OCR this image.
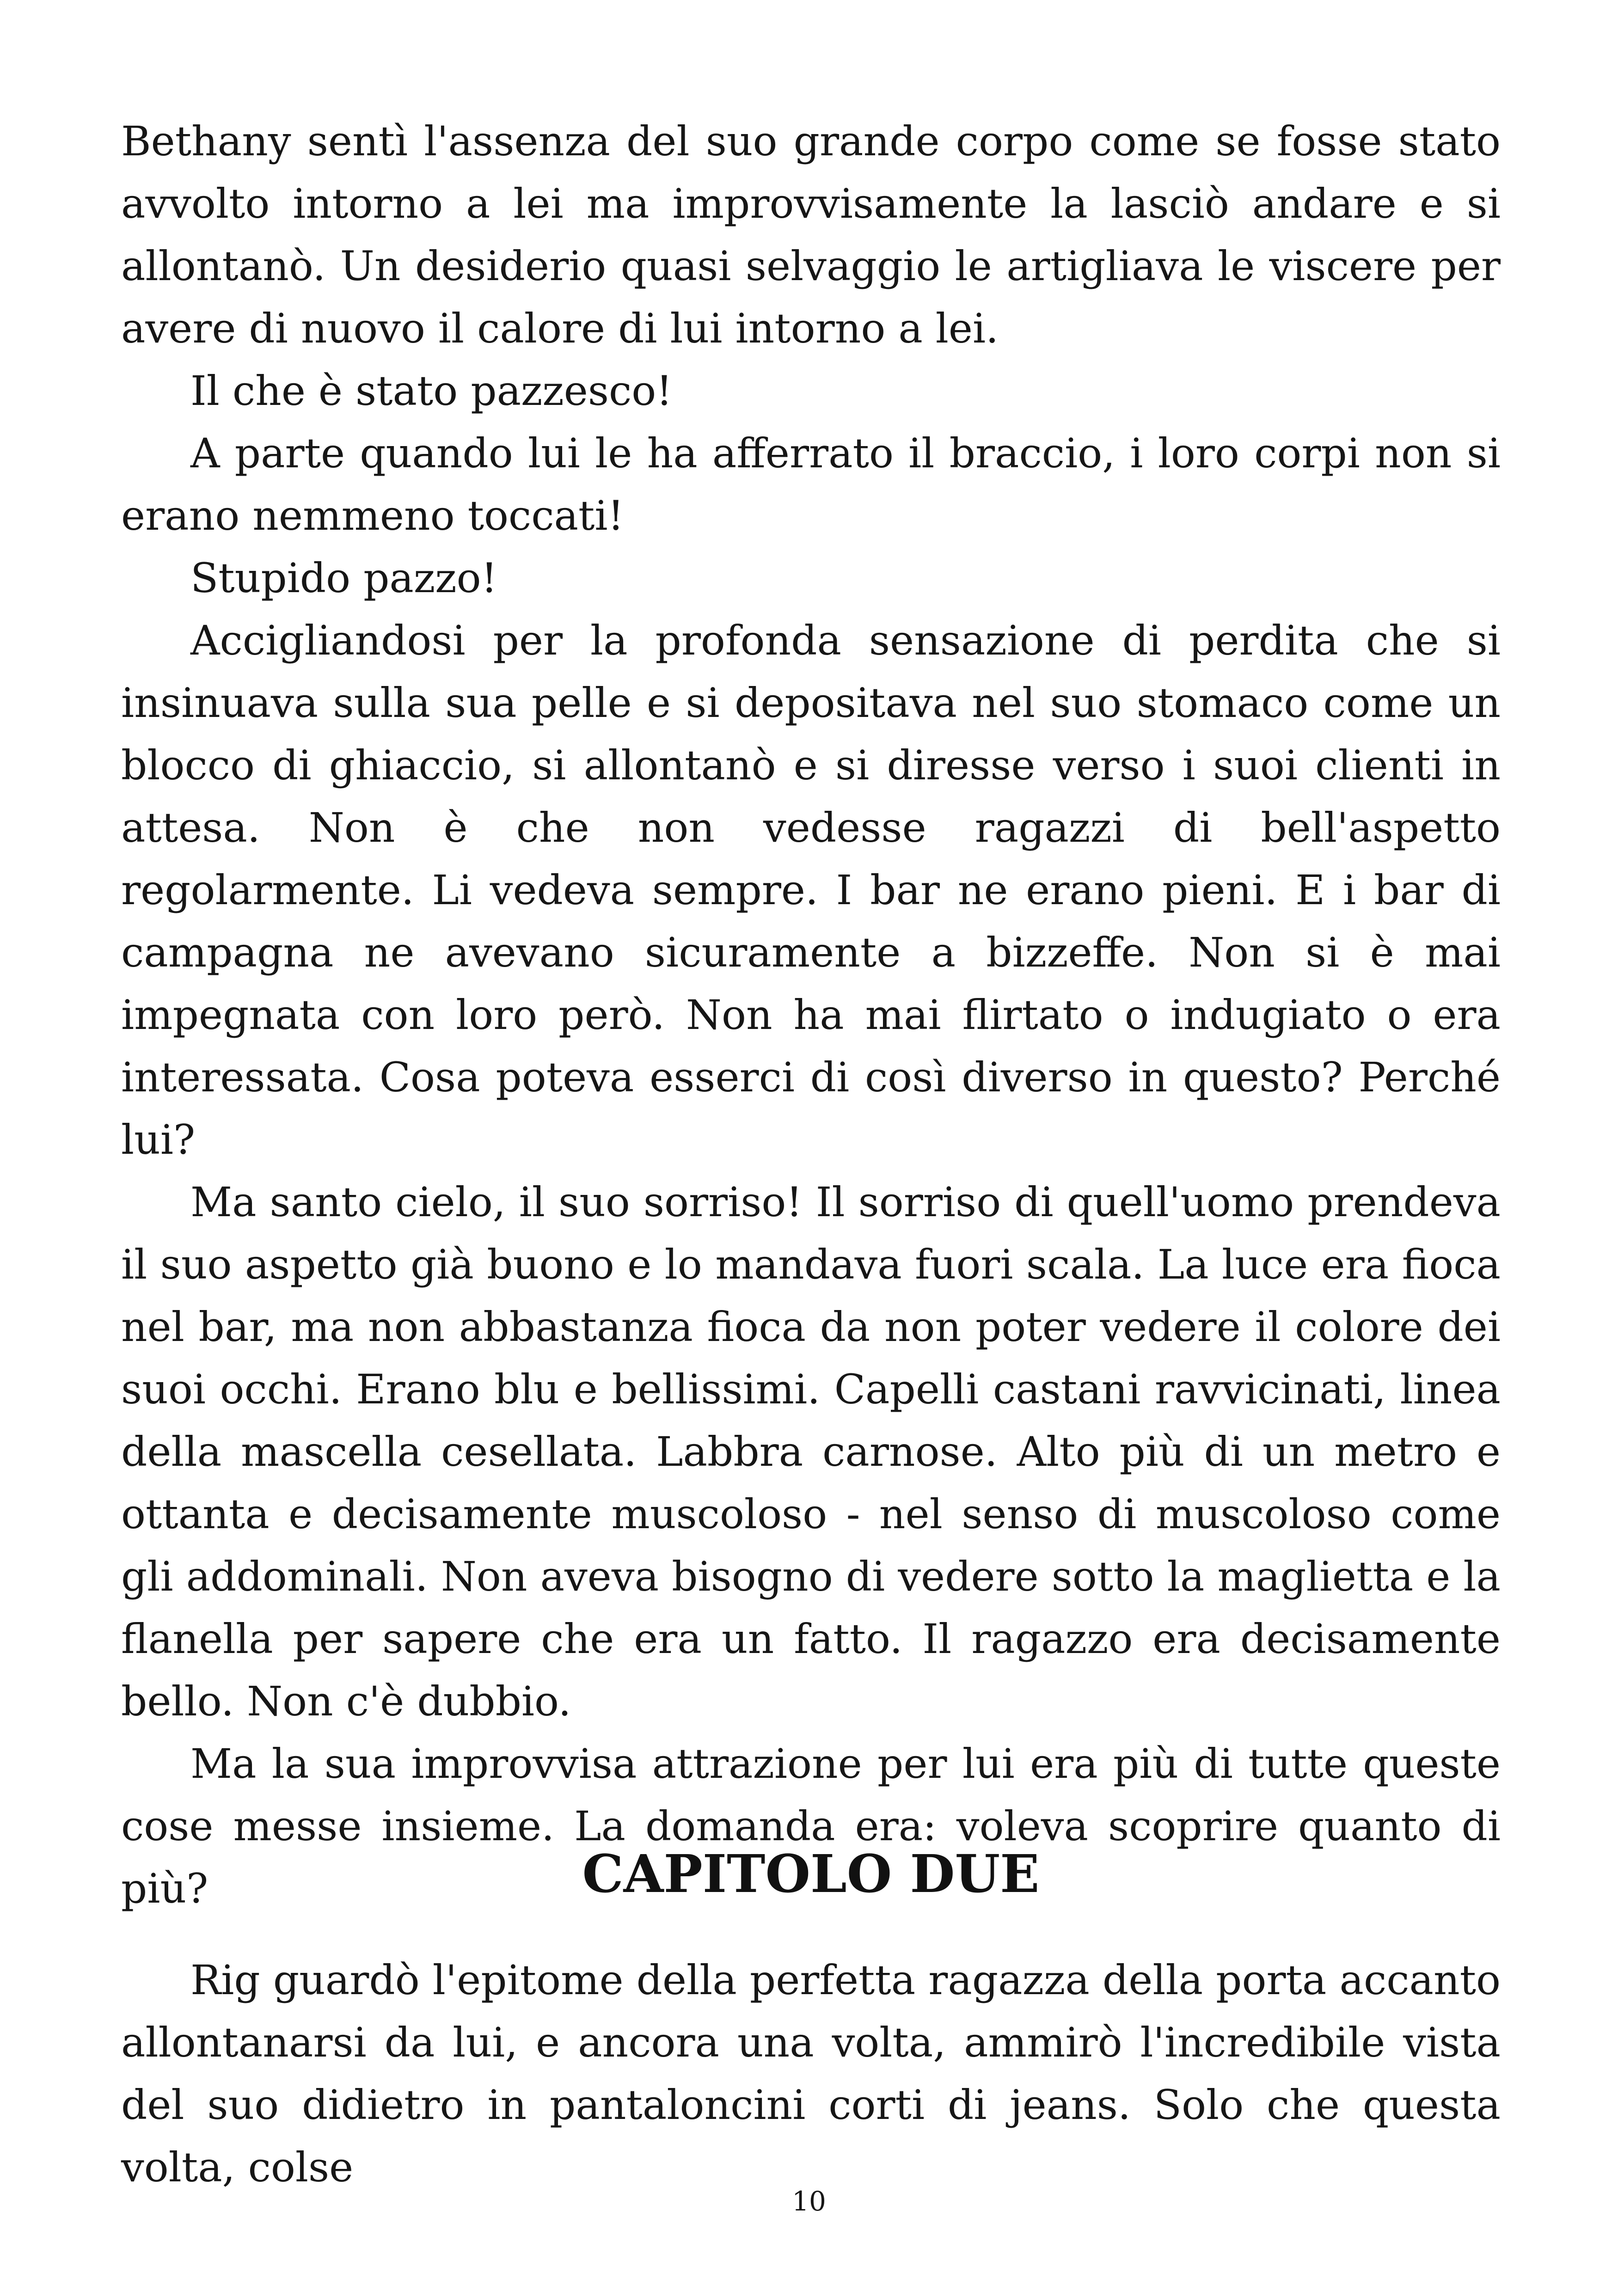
Bethany sentì l'assenza del suo grande corpo come se fosse stato avvolto intorno a lei ma improvvisamente la lasciò andare e si allontanò. Un desiderio quasi selvaggio le artigliava le viscere per avere di nuovo il calore di lui intorno a lei.

Il che è stato pazzesco!

A parte quando lui le ha afferrato il braccio, i loro corpi non si erano nemmeno toccati!

Stupido pazzo!

Accigliandosi per la profonda sensazione di perdita che si insinuava sulla sua pelle e si depositava nel suo stomaco come un blocco di ghiaccio, si allontanò e si diresse verso i suoi clienti in attesa. Non è che non vedesse ragazzi di bell'aspetto regolarmente. Li vedeva sempre. I bar ne erano pieni. E i bar di campagna ne avevano sicuramente a bizzeffe. Non si è mai impegnata con loro però. Non ha mai flirtato o indugiato o era interessata. Cosa poteva esserci di così diverso in questo? Perché lui?

Ma santo cielo, il suo sorriso! Il sorriso di quell'uomo prendeva il suo aspetto già buono e lo mandava fuori scala. La luce era fioca nel bar, ma non abbastanza fioca da non poter vedere il colore dei suoi occhi. Erano blu e bellissimi. Capelli castani ravvicinati, linea della mascella cesellata. Labbra carnose. Alto più di un metro e ottanta e decisamente muscoloso - nel senso di muscoloso come gli addominali. Non aveva bisogno di vedere sotto la maglietta e la flanella per sapere che era un fatto. Il ragazzo era decisamente bello. Non c'è dubbio.

Ma la sua improvvisa attrazione per lui era più di tutte queste cose messe insieme. La domanda era: voleva scoprire quanto di più?	CAPITOLO DUE

Rig guardò l'epitome della perfetta ragazza della porta accanto allontanarsi da lui, e ancora una volta, ammirò l'incredibile vista del suo didietro in pantaloncini corti di jeans. Solo che questa volta, colse

10
